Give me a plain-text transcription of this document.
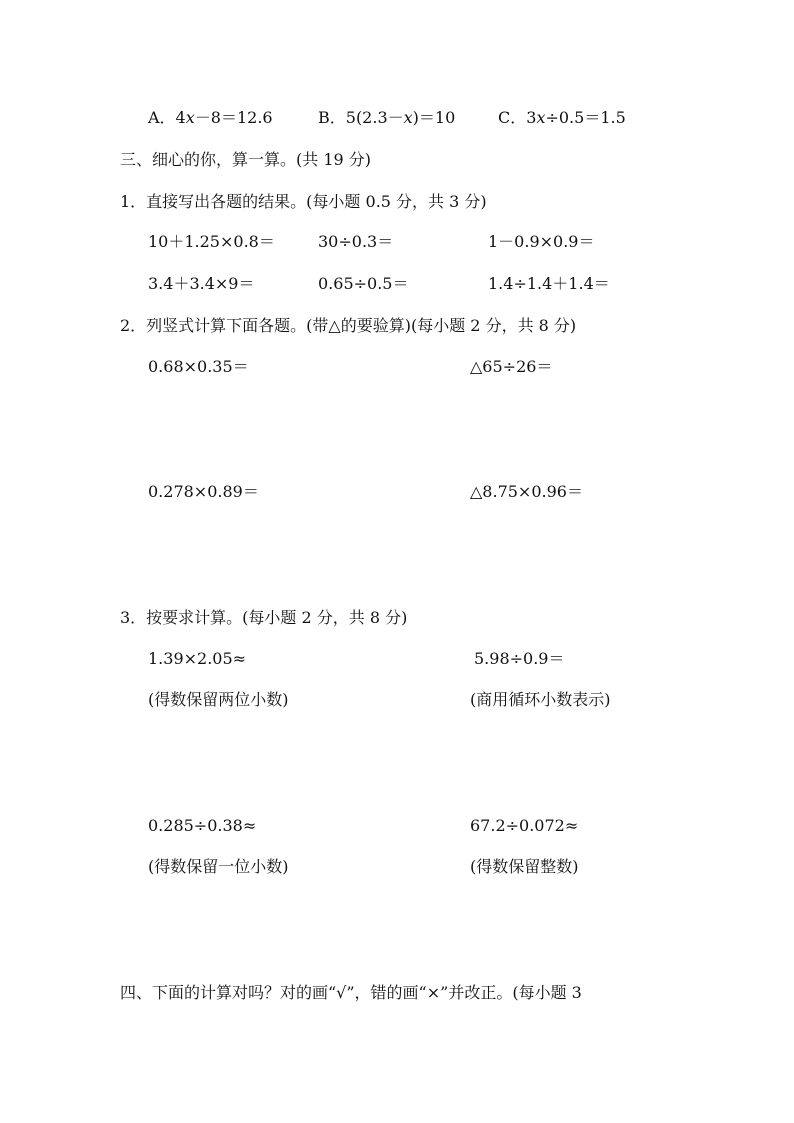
A．4x－8＝12.6	B．5(2.3－x)＝10	C．3x÷0.5＝1.5
三、细心的你，算一算。(共 19 分)
1．直接写出各题的结果。(每小题 0.5 分，共 3 分)
10＋1.25×0.8＝	30÷0.3＝	1－0.9×0.9＝
3.4＋3.4×9＝	0.65÷0.5＝	1.4÷1.4＋1.4＝
2．列竖式计算下面各题。(带△的要验算)(每小题 2 分，共 8 分)
0.68×0.35＝	△65÷26＝
0.278×0.89＝	△8.75×0.96＝
3．按要求计算。(每小题 2 分，共 8 分)
1.39×2.05≈	5.98÷0.9＝
(得数保留两位小数)	(商用循环小数表示)
0.285÷0.38≈	67.2÷0.072≈
(得数保留一位小数)	(得数保留整数)
四、下面的计算对吗？对的画“√”，错的画“×”并改正。(每小题 3
